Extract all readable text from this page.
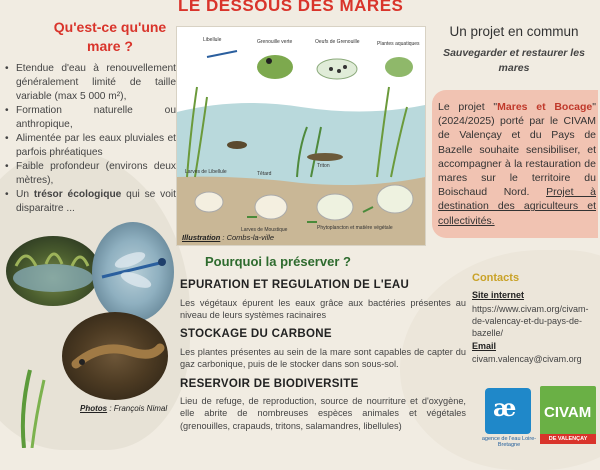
LE DESSOUS DES MARES
Qu'est-ce qu'une mare ?
• Etendue d'eau à renouvellement généralement limité de taille variable (max 5 000 m²),
• Formation naturelle ou anthropique,
• Alimentée par les eaux pluviales et parfois phréatiques
• Faible profondeur (environs deux mètres),
• Un trésor écologique qui se voit disparaitre ...
Photos : François Nimal
Libellule	Grenouille verte	Oeufs de Grenouille	Plantes aquatiques
Larves de Libellule	Têtard
Triton
Phytoplancton et matière végétale
Larves de Moustique
Illustration : Combs-la-ville
Un projet en commun
Sauvegarder et restaurer les mares
Le projet "Mares et Bocage" (2024/2025) porté par le CIVAM de Valençay et du Pays de Bazelle souhaite sensibiliser, et accompagner à la restauration de mares sur le territoire du Boischaud Nord. Projet à destination des agriculteurs et collectivités.
Pourquoi la préserver ?
EPURATION ET REGULATION DE L'EAU
Les végétaux épurent les eaux grâce aux bactéries présentes au niveau de leurs systèmes racinaires
STOCKAGE DU CARBONE
Les plantes présentes au sein de la mare sont capables de capter du gaz carbonique, puis de le stocker dans son sous-sol.
RESERVOIR DE BIODIVERSITE
Lieu de refuge, de reproduction, source de nourriture et d'oxygène, elle abrite de nombreuses espèces animales et végétales (grenouilles, crapauds, tritons, salamandres, libellules)
Contacts
Site internet
https://www.civam.org/civam-de-valencay-et-du-pays-de-bazelle/
Email
civam.valencay@civam.org
æ
agence de l'eau Loire-Bretagne
CIVAM
DE VALENÇAY
